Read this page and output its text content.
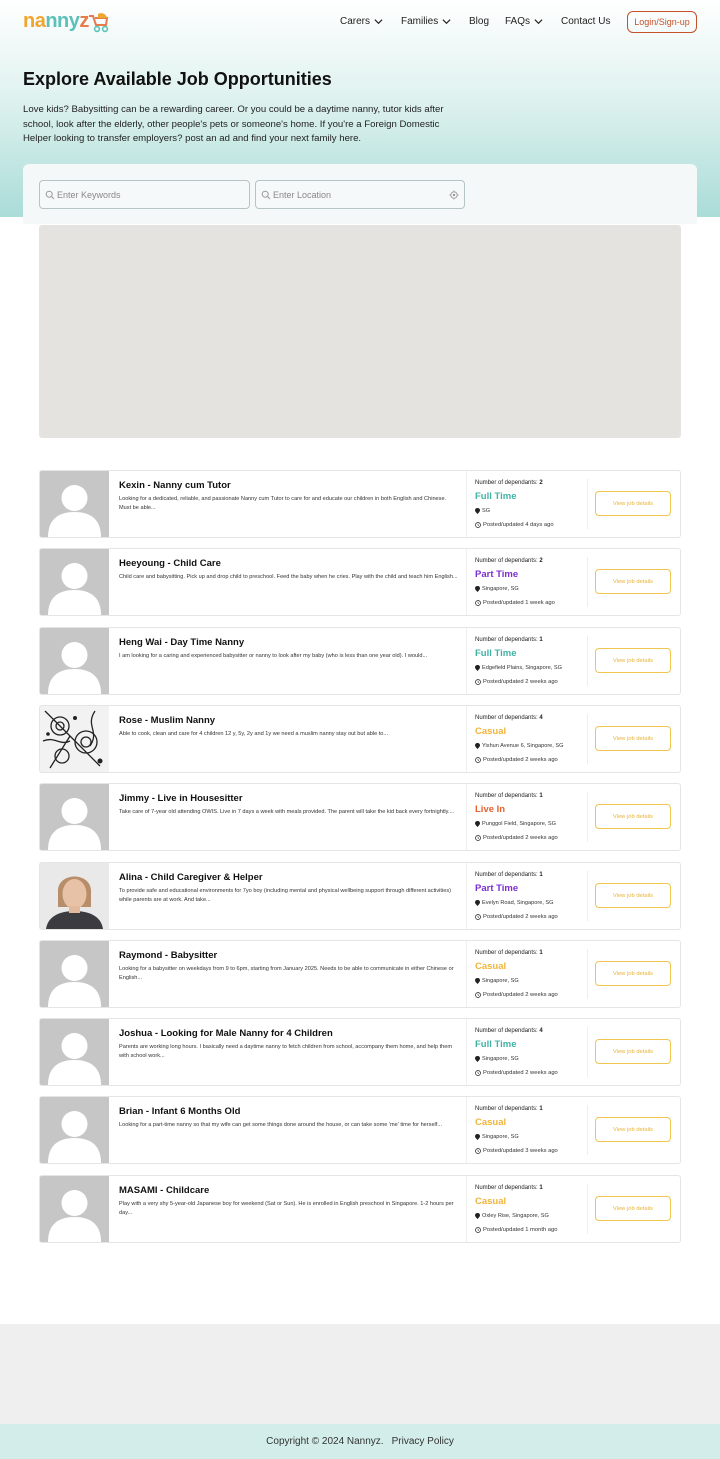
nannyz	Carers	Families	Blog FAQs	Contact Us	Login/Sign-up
Explore Available Job Opportunities
Love kids? Babysitting can be a rewarding career. Or you could be a daytime nanny, tutor kids after school, look after the elderly, other people's pets or someone's home. If you're a Foreign Domestic Helper looking to transfer employers? post an ad and find your next family here.
Enter Keywords	Enter Location
Kexin - Nanny cum Tutor
Looking for a dedicated, reliable, and passionate Nanny cum Tutor to care for and educate our children in both English and Chinese. Must be able...
Number of dependants: 2
Full Time
SG
Posted/updated 4 days ago
View job details
Heeyoung - Child Care
Child care and babysitting. Pick up and drop child to preschool. Feed the baby when he cries. Play with the child and teach him English...
Number of dependants: 2
Part Time
Singapore, SG
Posted/updated 1 week ago
View job details
Heng Wai - Day Time Nanny
I am looking for a caring and experienced babysitter or nanny to look after my baby (who is less than one year old). I would...
Number of dependants: 1
Full Time
Edgefield Plains, Singapore, SG
Posted/updated 2 weeks ago
View job details
Rose - Muslim Nanny
Able to cook, clean and care for 4 children 12 y, 5y, 2y and 1y we need a muslim nanny stay out but able to...
Number of dependants: 4
Casual
Yishun Avenue 6, Singapore, SG
Posted/updated 2 weeks ago
View job details
Jimmy - Live in Housesitter
Take care of 7-year old attending OWIS. Live in 7 days a week with meals provided. The parent will take the kid back every fortnightly....
Number of dependants: 1
Live In
Punggol Field, Singapore, SG
Posted/updated 2 weeks ago
View job details
Alina - Child Caregiver & Helper
To provide safe and educational environments for 7yo boy (including mental and physical wellbeing support through different activities) while parents are at work. And take...
Number of dependants: 1
Part Time
Evelyn Road, Singapore, SG
Posted/updated 2 weeks ago
View job details
Raymond - Babysitter
Looking for a babysitter on weekdays from 9 to 6pm, starting from January 2025. Needs to be able to communicate in either Chinese or English...
Number of dependants: 1
Casual
Singapore, SG
Posted/updated 2 weeks ago
View job details
Joshua - Looking for Male Nanny for 4 Children
Parents are working long hours. I basically need a daytime nanny to fetch children from school, accompany them home, and help them with school work...
Number of dependants: 4
Full Time
Singapore, SG
Posted/updated 2 weeks ago
View job details
Brian - Infant 6 Months Old
Looking for a part-time nanny so that my wife can get some things done around the house, or can take some 'me' time for herself...
Number of dependants: 1
Casual
Singapore, SG
Posted/updated 3 weeks ago
View job details
MASAMI - Childcare
Play with a very shy 5-year-old Japanese boy for weekend (Sat or Sun). He is enrolled in English preschool in Singapore. 1-2 hours per day...
Number of dependants: 1
Casual
Oxley Rise, Singapore, SG
Posted/updated 1 month ago
View job details
Copyright © 2024 Nannyz. Privacy Policy
